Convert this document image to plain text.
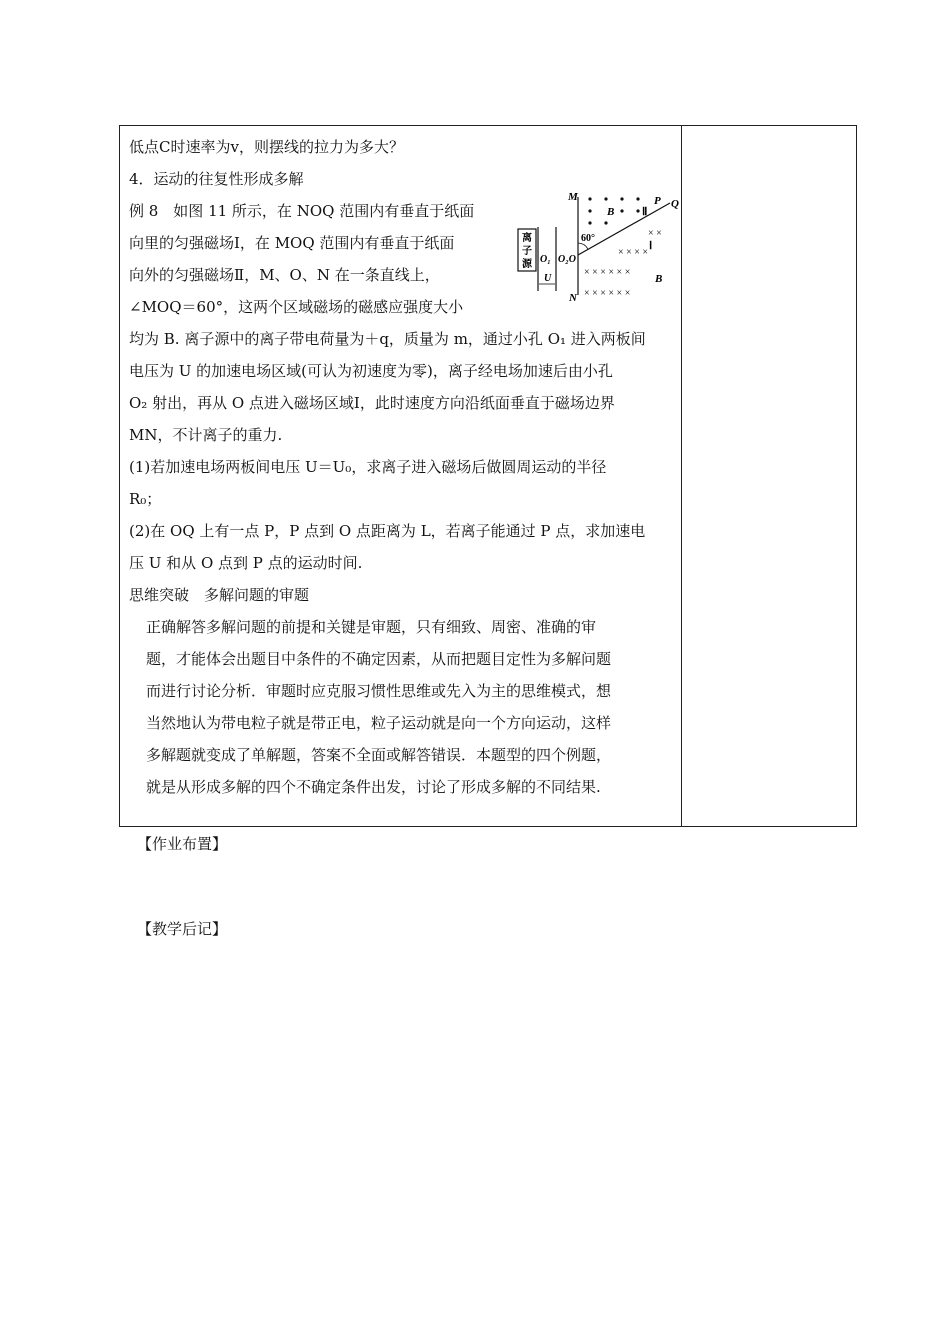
低点C时速率为v，则摆线的拉力为多大？

4．运动的往复性形成多解

例 8　如图 11 所示，在 NOQ 范围内有垂直于纸面

向里的匀强磁场Ⅰ，在 MOQ 范围内有垂直于纸面

向外的匀强磁场Ⅱ，M、O、N 在一条直线上，

∠MOQ＝60°，这两个区域磁场的磁感应强度大小

均为 B. 离子源中的离子带电荷量为＋q，质量为 m，通过小孔 O₁ 进入两板间

电压为 U 的加速电场区域(可认为初速度为零)，离子经电场加速后由小孔

O₂ 射出，再从 O 点进入磁场区域Ⅰ，此时速度方向沿纸面垂直于磁场边界

MN，不计离子的重力.

(1)若加速电场两板间电压 U＝U₀，求离子进入磁场后做圆周运动的半径

R₀；

(2)在 OQ 上有一点 P，P 点到 O 点距离为 L，若离子能通过 P 点，求加速电

压 U 和从 O 点到 P 点的运动时间.

思维突破　多解问题的审题

正确解答多解问题的前提和关键是审题，只有细致、周密、准确的审

题，才能体会出题目中条件的不确定因素，从而把题目定性为多解问题

而进行讨论分析．审题时应克服习惯性思维或先入为主的思维模式，想

当然地认为带电粒子就是带正电，粒子运动就是向一个方向运动，这样

多解题就变成了单解题，答案不全面或解答错误．本题型的四个例题，

就是从形成多解的四个不确定条件出发，讨论了形成多解的不同结果.

离
子
源 O₁ O₂O
U
M
N
Q
P
60°
B	Ⅱ
× ×
× × × ×
× × × × × ×
× × × × × ×
Ⅰ
B
【作业布置】
【教学后记】
